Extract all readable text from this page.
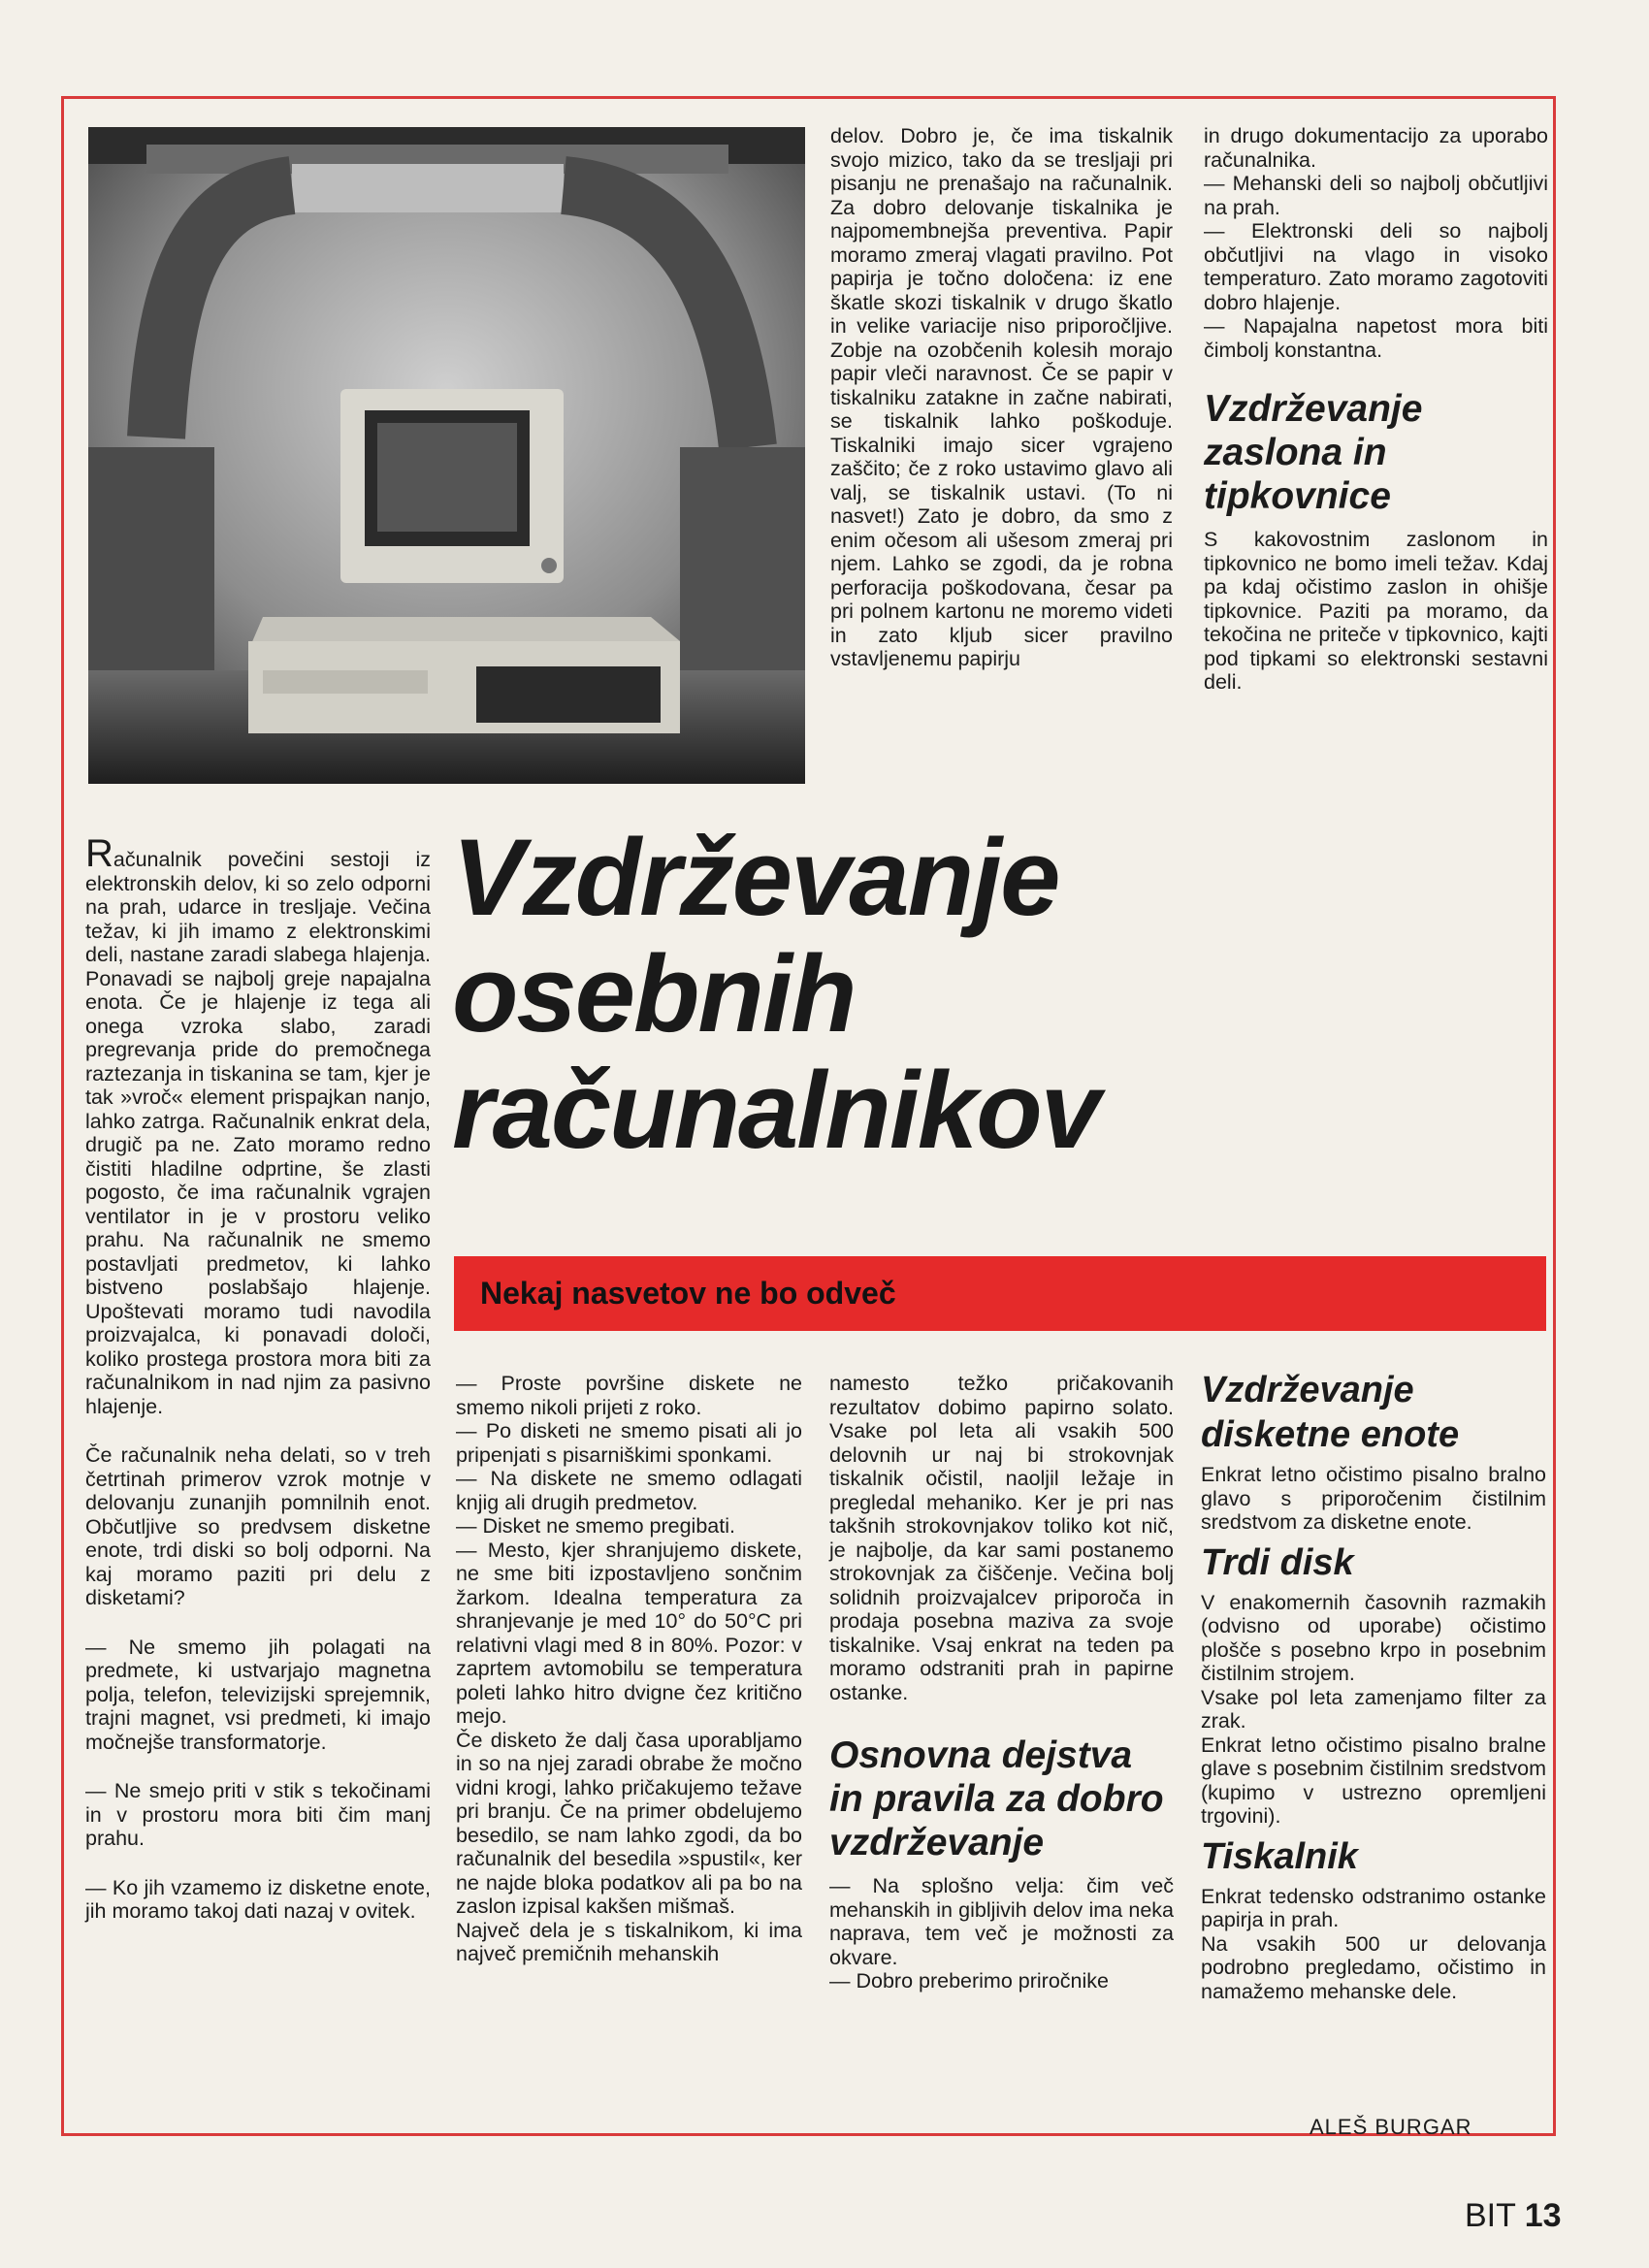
delov. Dobro je, če ima tiskalnik svojo mizico, tako da se tresljaji pri pisanju ne prenašajo na računalnik. Za dobro delovanje tiskalnika je najpomembnejša preventiva. Papir moramo zmeraj vlagati pravilno. Pot papirja je točno določena: iz ene škatle skozi tiskalnik v drugo škatlo in velike variacije niso priporočljive. Zobje na ozobčenih kolesih morajo papir vleči naravnost. Če se papir v tiskalniku zatakne in začne nabirati, se tiskalnik lahko poškoduje. Tiskalniki imajo sicer vgrajeno zaščito; če z roko ustavimo glavo ali valj, se tiskalnik ustavi. (To ni nasvet!) Zato je dobro, da smo z enim očesom ali ušesom zmeraj pri njem. Lahko se zgodi, da je robna perforacija poškodovana, česar pa pri polnem kartonu ne moremo videti in zato kljub sicer pravilno vstavljenemu papirju

in drugo dokumentacijo za uporabo računalnika.

— Mehanski deli so najbolj občutljivi na prah.

— Elektronski deli so najbolj občutljivi na vlago in visoko temperaturo. Zato moramo zagotoviti dobro hlajenje.

— Napajalna napetost mora biti čimbolj konstantna.

Vzdrževanje zaslona in tipkovnice

S kakovostnim zaslonom in tipkovnico ne bomo imeli težav. Kdaj pa kdaj očistimo zaslon in ohišje tipkovnice. Paziti pa moramo, da tekočina ne priteče v tipkovnico, kajti pod tipkami so elektronski sestavni deli.

Vzdrževanje
osebnih
računalnikov
Nekaj nasvetov ne bo odveč

Računalnik povečini sestoji iz elektronskih delov, ki so zelo odporni na prah, udarce in tresljaje. Večina težav, ki jih imamo z elektronskimi deli, nastane zaradi slabega hlajenja. Ponavadi se najbolj greje napajalna enota. Če je hlajenje iz tega ali onega vzroka slabo, zaradi pregrevanja pride do premočnega raztezanja in tiskanina se tam, kjer je tak »vroč« element prispajkan nanjo, lahko zatrga. Računalnik enkrat dela, drugič pa ne. Zato moramo redno čistiti hladilne odprtine, še zlasti pogosto, če ima računalnik vgrajen ventilator in je v prostoru veliko prahu. Na računalnik ne smemo postavljati predmetov, ki lahko bistveno poslabšajo hlajenje. Upoštevati moramo tudi navodila proizvajalca, ki ponavadi določi, koliko prostega prostora mora biti za računalnikom in nad njim za pasivno hlajenje.

Če računalnik neha delati, so v treh četrtinah primerov vzrok motnje v delovanju zunanjih pomnilnih enot. Občutljive so predvsem disketne enote, trdi diski so bolj odporni. Na kaj moramo paziti pri delu z disketami?

— Ne smemo jih polagati na predmete, ki ustvarjajo magnetna polja, telefon, televizijski sprejemnik, trajni magnet, vsi predmeti, ki imajo močnejše transformatorje.

— Ne smejo priti v stik s tekočinami in v prostoru mora biti čim manj prahu.

— Ko jih vzamemo iz disketne enote, jih moramo takoj dati nazaj v ovitek.

— Proste površine diskete ne smemo nikoli prijeti z roko.

— Po disketi ne smemo pisati ali jo pripenjati s pisarniškimi sponkami.

— Na diskete ne smemo odlagati knjig ali drugih predmetov.

— Disket ne smemo pregibati.

— Mesto, kjer shranjujemo diskete, ne sme biti izpostavljeno sončnim žarkom. Idealna temperatura za shranjevanje je med 10° do 50°C pri relativni vlagi med 8 in 80%. Pozor: v zaprtem avtomobilu se temperatura poleti lahko hitro dvigne čez kritično mejo.

Če disketo že dalj časa uporabljamo in so na njej zaradi obrabe že močno vidni krogi, lahko pričakujemo težave pri branju. Če na primer obdelujemo besedilo, se nam lahko zgodi, da bo računalnik del besedila »spustil«, ker ne najde bloka podatkov ali pa bo na zaslon izpisal kakšen mišmaš.

Največ dela je s tiskalnikom, ki ima največ premičnih mehanskih

namesto težko pričakovanih rezultatov dobimo papirno solato. Vsake pol leta ali vsakih 500 delovnih ur naj bi strokovnjak tiskalnik očistil, naoljil ležaje in pregledal mehaniko. Ker je pri nas takšnih strokovnjakov toliko kot nič, je najbolje, da kar sami postanemo strokovnjak za čiščenje. Večina bolj solidnih proizvajalcev priporoča in prodaja posebna maziva za svoje tiskalnike. Vsaj enkrat na teden pa moramo odstraniti prah in papirne ostanke.

Osnovna dejstva in pravila za dobro vzdrževanje

— Na splošno velja: čim več mehanskih in gibljivih delov ima neka naprava, tem več je možnosti za okvare.

— Dobro preberimo priročnike

Vzdrževanje disketne enote

Enkrat letno očistimo pisalno bralno glavo s priporočenim čistilnim sredstvom za disketne enote.

Trdi disk

V enakomernih časovnih razmakih (odvisno od uporabe) očistimo plošče s posebno krpo in posebnim čistilnim strojem.

Vsake pol leta zamenjamo filter za zrak.

Enkrat letno očistimo pisalno bralne glave s posebnim čistilnim sredstvom (kupimo v ustrezno opremljeni trgovini).

Tiskalnik

Enkrat tedensko odstranimo ostanke papirja in prah.

Na vsakih 500 ur delovanja podrobno pregledamo, očistimo in namažemo mehanske dele.

ALEŠ BURGAR
BIT 13
